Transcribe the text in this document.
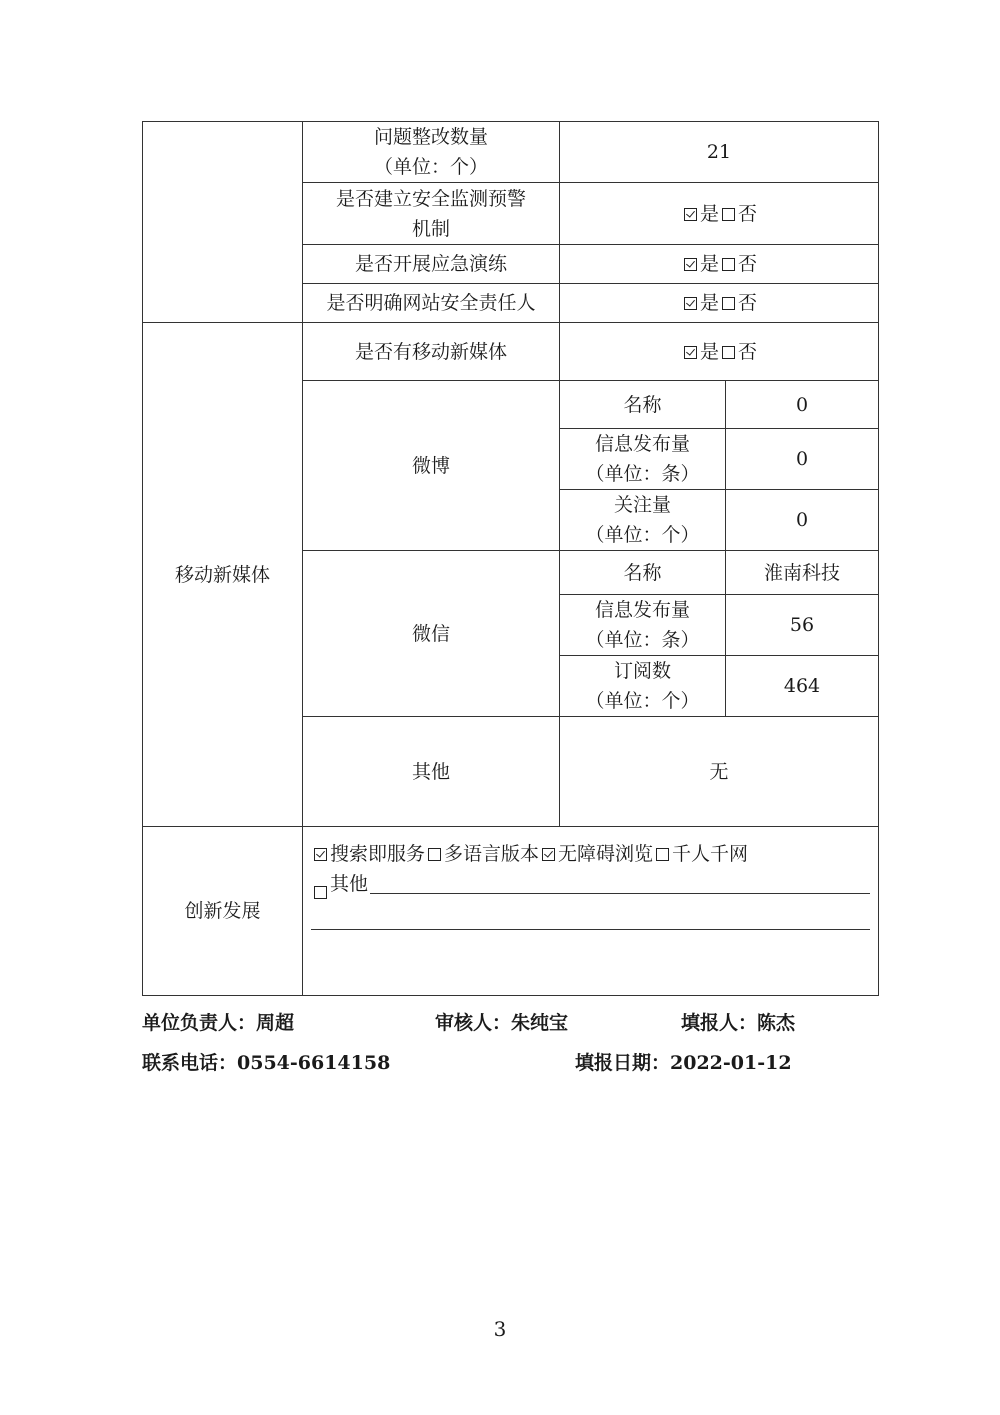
	问题整改数量
（单位：个）	21	

	是否建立安全监测预警
机制	是 否	
	是否开展应急演练	是 否	
	是否明确网站安全责任人	是 否	
移动新媒体	是否有移动新媒体	是 否	
	微博	名称	0

		信息发布量
（单位：条）	0

		关注量
（单位：个）	0
	微信	名称	淮南科技

		信息发布量
（单位：条）	56

		订阅数
（单位：个）	464
	其他	无	
创新发展	搜索即服务 多语言版本 无障碍浏览 千人千网
其他		
单位负责人：周超	审核人：朱纯宝	填报人：陈杰
联系电话：0554-6614158	填报日期：2022-01-12
3
